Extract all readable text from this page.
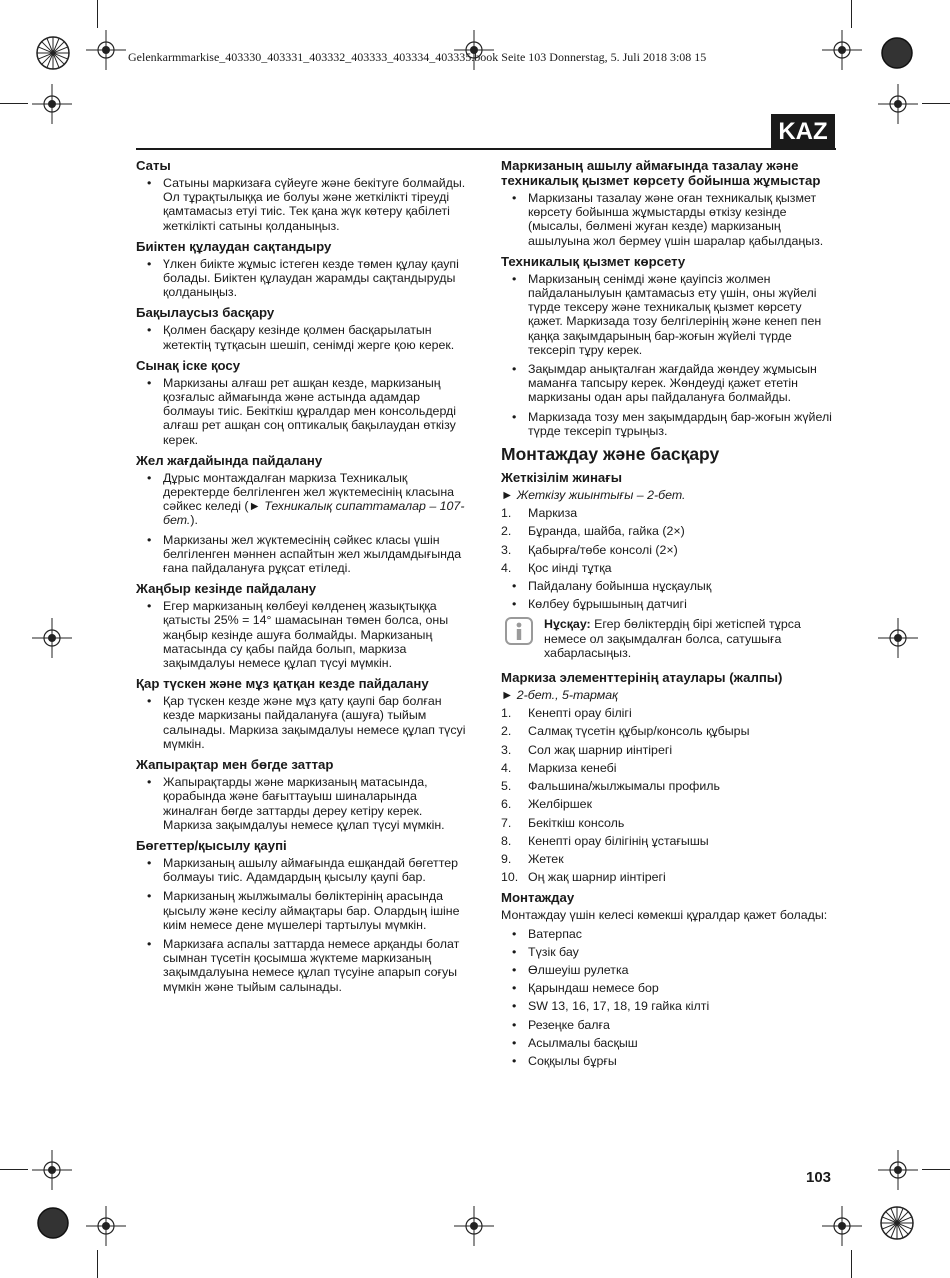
Gelenkarmmarkise_403330_403331_403332_403333_403334_403335.book Seite 103 Donnerstag, 5. Juli 2018 3:08 15
KAZ
Саты
• Сатыны маркизаға сүйеуге және бекітуге болмайды. Ол тұрақтылыққа ие болуы және жеткілікті тіреуді қамтамасыз етуі тиіс. Тек қана жүк көтеру қабілеті жеткілікті сатыны қолданыңыз.
Биіктен құлаудан сақтандыру
• Үлкен биікте жұмыс істеген кезде төмен құлау қаупі болады. Биіктен құлаудан жарамды сақтандыруды қолданыңыз.
Бақылаусыз басқару
• Қолмен басқару кезінде қолмен басқарылатын жетектің тұтқасын шешіп, сенімді жерге қою керек.
Сынақ іске қосу
• Маркизаны алғаш рет ашқан кезде, маркизаның қозғалыс аймағында және астында адамдар болмауы тиіс. Бекіткіш құралдар мен консольдерді алғаш рет ашқан соң оптикалық бақылаудан өткізу керек.
Жел жағдайында пайдалану
• Дұрыс монтаждалған маркиза Техникалық деректерде белгіленген жел жүктемесінің класына сәйкес келеді (► Техникалық сипаттамалар – 107-бет.).
• Маркизаны жел жүктемесінің сәйкес класы үшін белгіленген мәннен аспайтын жел жылдамдығында ғана пайдалануға рұқсат етіледі.
Жаңбыр кезінде пайдалану
• Егер маркизаның көлбеуі көлденең жазықтыққа қатысты 25% = 14° шамасынан төмен болса, оны жаңбыр кезінде ашуға болмайды. Маркизаның матасында су қабы пайда болып, маркиза зақымдалуы немесе құлап түсуі мүмкін.
Қар түскен және мұз қатқан кезде пайдалану
• Қар түскен кезде және мұз қату қаупі бар болған кезде маркизаны пайдалануға (ашуға) тыйым салынады. Маркиза зақымдалуы немесе құлап түсуі мүмкін.
Жапырақтар мен бөгде заттар
• Жапырақтарды және маркизаның матасында, қорабында және бағыттауыш шиналарында жиналған бөгде заттарды дереу кетіру керек. Маркиза зақымдалуы немесе құлап түсуі мүмкін.
Бөгеттер/қысылу қаупі
• Маркизаның ашылу аймағында ешқандай бөгеттер болмауы тиіс. Адамдардың қысылу қаупі бар.
• Маркизаның жылжымалы бөліктерінің арасында қысылу және кесілу аймақтары бар. Олардың ішіне киім немесе дене мүшелері тартылуы мүмкін.
• Маркизаға аспалы заттарда немесе арқанды болат сымнан түсетін қосымша жүктеме маркизаның зақымдалуына немесе құлап түсуіне апарып соғуы мүмкін және тыйым салынады.
Маркизаның ашылу аймағында тазалау және техникалық қызмет көрсету бойынша жұмыстар
• Маркизаны тазалау және оған техникалық қызмет көрсету бойынша жұмыстарды өткізу кезінде (мысалы, бөлмені жуған кезде) маркизаның ашылуына жол бермеу үшін шаралар қабылдаңыз.
Техникалық қызмет көрсету
• Маркизаның сенімді және қауіпсіз жолмен пайдаланылуын қамтамасыз ету үшін, оны жүйелі түрде тексеру және техникалық қызмет көрсету қажет. Маркизада тозу белгілерінің және кенеп пен қаңқа зақымдарының бар-жоғын жүйелі түрде тексеріп тұру керек.
• Зақымдар анықталған жағдайда жөндеу жұмысын маманға тапсыру керек. Жөндеуді қажет ететін маркизаны одан ары пайдалануға болмайды.
• Маркизада тозу мен зақымдардың бар-жоғын жүйелі түрде тексеріп тұрыңыз.
Монтаждау және басқару
Жеткізілім жинағы
► Жеткізу жиынтығы – 2-бет.
1. Маркиза
2. Бұранда, шайба, гайка (2×)
3. Қабырға/төбе консолі (2×)
4. Қос иінді тұтқа
• Пайдалану бойынша нұсқаулық
• Көлбеу бұрышының датчигі
Нұсқау: Егер бөліктердің бірі жетіспей тұрса немесе ол зақымдалған болса, сатушыға хабарласыңыз.
Маркиза элементтерінің атаулары (жалпы)
► 2-бет., 5-тармақ
1. Кенепті орау білігі
2. Салмақ түсетін құбыр/консоль құбыры
3. Сол жақ шарнир иінтірегі
4. Маркиза кенебі
5. Фальшина/жылжымалы профиль
6. Желбіршек
7. Бекіткіш консоль
8. Кенепті орау білігінің ұстағышы
9. Жетек
10. Оң жақ шарнир иінтірегі
Монтаждау
Монтаждау үшін келесі көмекші құралдар қажет болады:
• Ватерпас
• Түзік бау
• Өлшеуіш рулетка
• Қарындаш немесе бор
• SW 13, 16, 17, 18, 19 гайка кілті
• Резеңке балға
• Асылмалы басқыш
• Соққылы бұрғы
103
